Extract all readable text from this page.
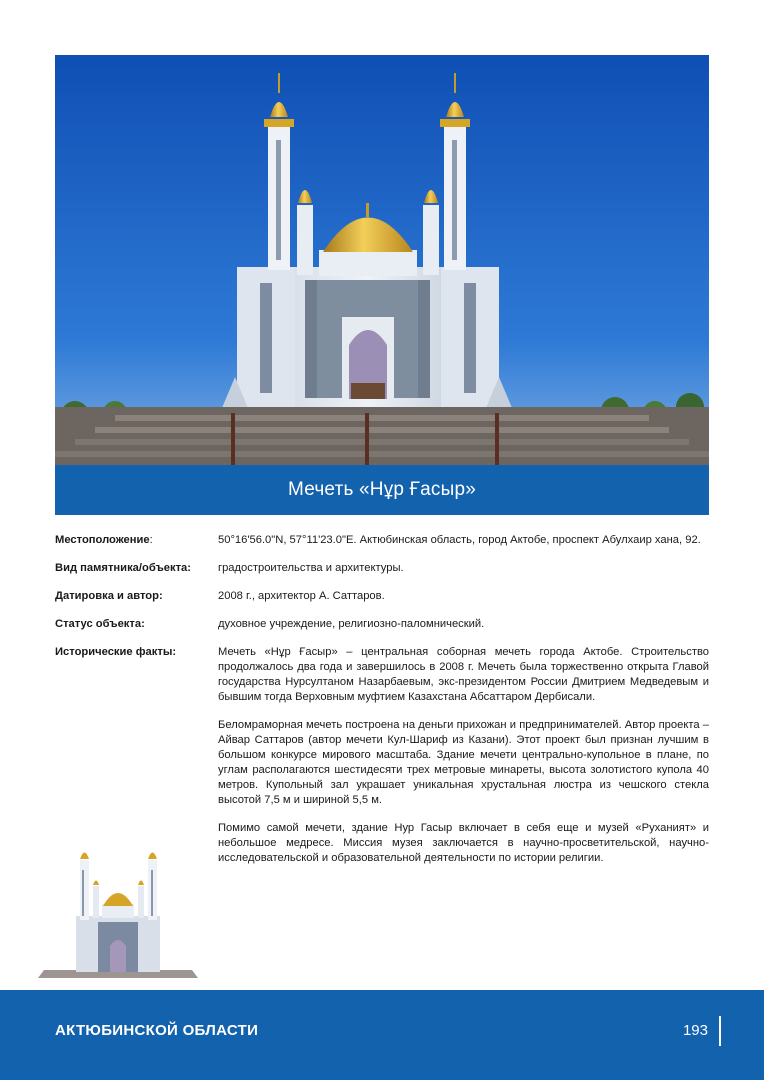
Мечеть «Нұр Ғасыр»
Местоположение:	50°16'56.0"N, 57°11'23.0"E. Актюбинская область, город Актобе, проспект Абулхаир хана, 92.
Вид памятника/объекта:	градостроительства и архитектуры.
Датировка и автор:	2008 г., архитектор А. Саттаров.
Статус объекта:	духовное учреждение, религиозно-паломнический.
Исторические факты:	Мечеть «Нұр Ғасыр» – центральная соборная мечеть города Актобе. Строительство продолжалось два года и завершилось в 2008 г. Мечеть была торжественно открыта Главой государства Нурсултаном Назарбаевым, экс-президентом России Дмитрием Медведевым и бывшим тогда Верховным муфтием Казахстана Абсаттаром Дербисали.

Беломраморная мечеть построена на деньги прихожан и предпринимателей. Автор проекта – Айвар Саттаров (автор мечети Кул-Шариф из Казани). Этот проект был признан лучшим в большом конкурсе мирового масштаба. Здание мечети центрально-купольное в плане, по углам располагаются шестидесяти трех метровые минареты, высота золотистого купола 40 метров. Купольный зал украшает уникальная хрустальная люстра из чешского стекла высотой 7,5 м и шириной 5,5 м.

Помимо самой мечети, здание Нур Гасыр включает в себя еще и музей «Руханият» и небольшое медресе. Миссия музея заключается в научно-просветительской, научно-исследовательской и образовательной деятельности по истории религии.

АКТЮБИНСКОЙ ОБЛАСТИ	193
